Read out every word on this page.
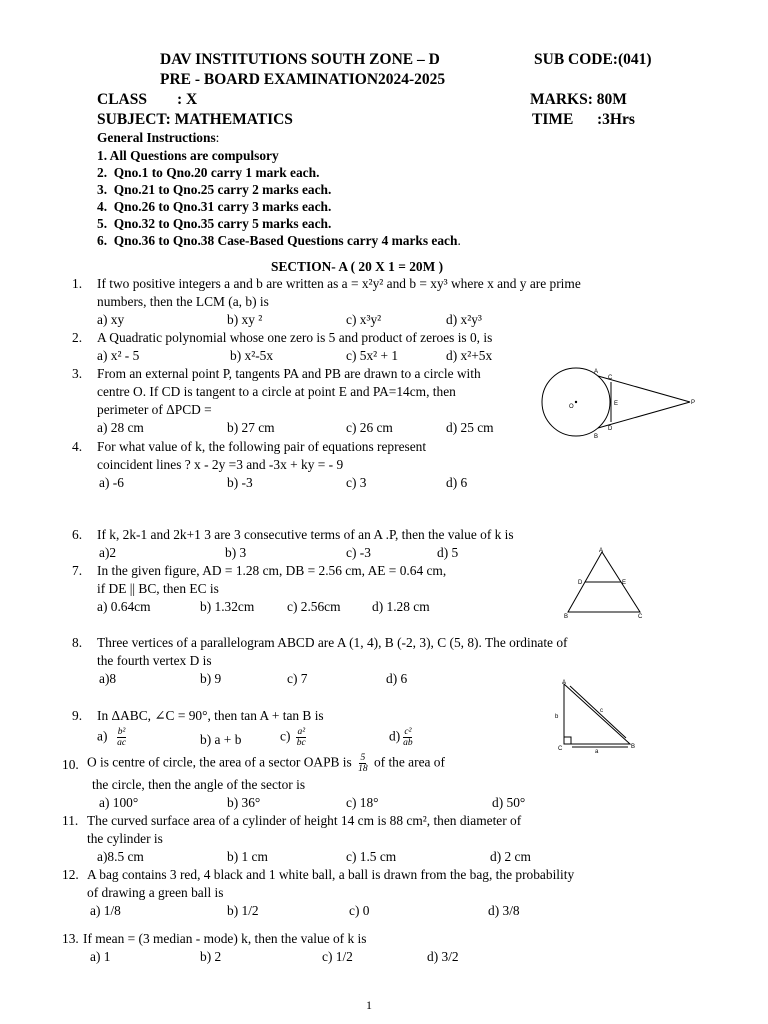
DAV INSTITUTIONS SOUTH ZONE – D	SUB CODE:(041)
PRE - BOARD EXAMINATION2024-2025
CLASS : X	MARKS: 80M
SUBJECT: MATHEMATICS	TIME :3Hrs
General Instructions:
1. All Questions are compulsory
2. Qno.1 to Qno.20 carry 1 mark each.
3. Qno.21 to Qno.25 carry 2 marks each.
4. Qno.26 to Qno.31 carry 3 marks each.
5. Qno.32 to Qno.35 carry 5 marks each.
6. Qno.36 to Qno.38 Case-Based Questions carry 4 marks each.
SECTION- A ( 20 X 1 = 20M )
1. If two positive integers a and b are written as a = x²y² and b = xy³ where x and y are prime
numbers, then the LCM (a, b) is
a) xy	b) xy ²	c) x³y²	d) x²y³
2. A Quadratic polynomial whose one zero is 5 and product of zeroes is 0, is
a) x² - 5	b) x²-5x	c) 5x² + 1	d) x²+5x
3. From an external point P, tangents PA and PB are drawn to a circle with
centre O. If CD is tangent to a circle at point E and PA=14cm, then
perimeter of ΔPCD =
a) 28 cm	b) 27 cm	c) 26 cm	d) 25 cm
A
C
O	E	P
D
B
4. For what value of k, the following pair of equations represent
coincident lines ? x - 2y =3 and -3x + ky = - 9
a) -6	b) -3	c) 3	d) 6
6. If k, 2k-1 and 2k+1 3 are 3 consecutive terms of an A .P, then the value of k is
a)2	b) 3	c) -3	d) 5
7. In the given figure, AD = 1.28 cm, DB = 2.56 cm, AE = 0.64 cm,
if DE || BC, then EC is
a) 0.64cm	b) 1.32cm c) 2.56cm d) 1.28 cm
A
D	E
B	C
8. Three vertices of a parallelogram ABCD are A (1, 4), B (-2, 3), C (5, 8). The ordinate of
the fourth vertex D is
a)8	b) 9	c) 7	d) 6	A
b
c
C	a
B
9. In ΔABC, ∠C = 90°, then tan A + tan B is
$a) \frac{\text{b²}}{ac}$	b) a + b	$c) \frac{\text{a²}}{bc}$	$d) \frac{\text{c²}}{ab}$
10. O is centre of circle, the area of a sector OAPB is $\frac{5}{18}$ of the area of
the circle, then the angle of the sector is
a) 100°	b) 36°	c) 18°	d) 50°
11. The curved surface area of a cylinder of height 14 cm is 88 cm², then diameter of
the cylinder is
a)8.5 cm	b) 1 cm	c) 1.5 cm	d) 2 cm
12. A bag contains 3 red, 4 black and 1 white ball, a ball is drawn from the bag, the probability
of drawing a green ball is
a) 1/8	b) 1/2	c) 0	d) 3/8
13. If mean = (3 median - mode) k, then the value of k is
a) 1	b) 2	c) 1/2	d) 3/2
1
